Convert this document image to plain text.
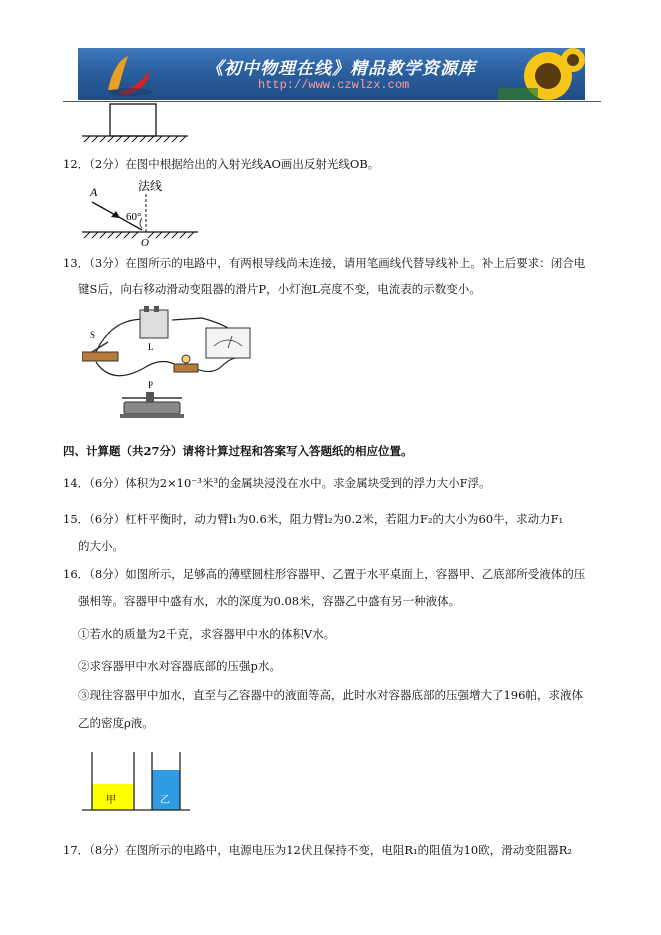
《初中物理在线》精品教学资源库
http://www.czwlzx.com
12．（2分）在图中根据给出的入射光线AO画出反射光线OB。
A	法线
60°
O
13．（3分）在图所示的电路中，有两根导线尚未连接，请用笔画线代替导线补上。补上后要求：闭合电
键S后，向右移动滑动变阻器的滑片P，小灯泡L亮度不变，电流表的示数变小。
S
L
P
四、计算题（共27分）请将计算过程和答案写入答题纸的相应位置。
14．（6分）体积为2×10⁻³米³的金属块浸没在水中。求金属块受到的浮力大小F浮。
15．（6分）杠杆平衡时，动力臂l₁为0.6米，阻力臂l₂为0.2米，若阻力F₂的大小为60牛，求动力F₁
的大小。
16．（8分）如图所示，足够高的薄壁圆柱形容器甲、乙置于水平桌面上，容器甲、乙底部所受液体的压
强相等。容器甲中盛有水，水的深度为0.08米，容器乙中盛有另一种液体。
①若水的质量为2千克，求容器甲中水的体积V水。
②求容器甲中水对容器底部的压强p水。
③现往容器甲中加水，直至与乙容器中的液面等高，此时水对容器底部的压强增大了196帕，求液体
乙的密度ρ液。
甲	乙
17．（8分）在图所示的电路中，电源电压为12伏且保持不变，电阻R₁的阻值为10欧，滑动变阻器R₂
